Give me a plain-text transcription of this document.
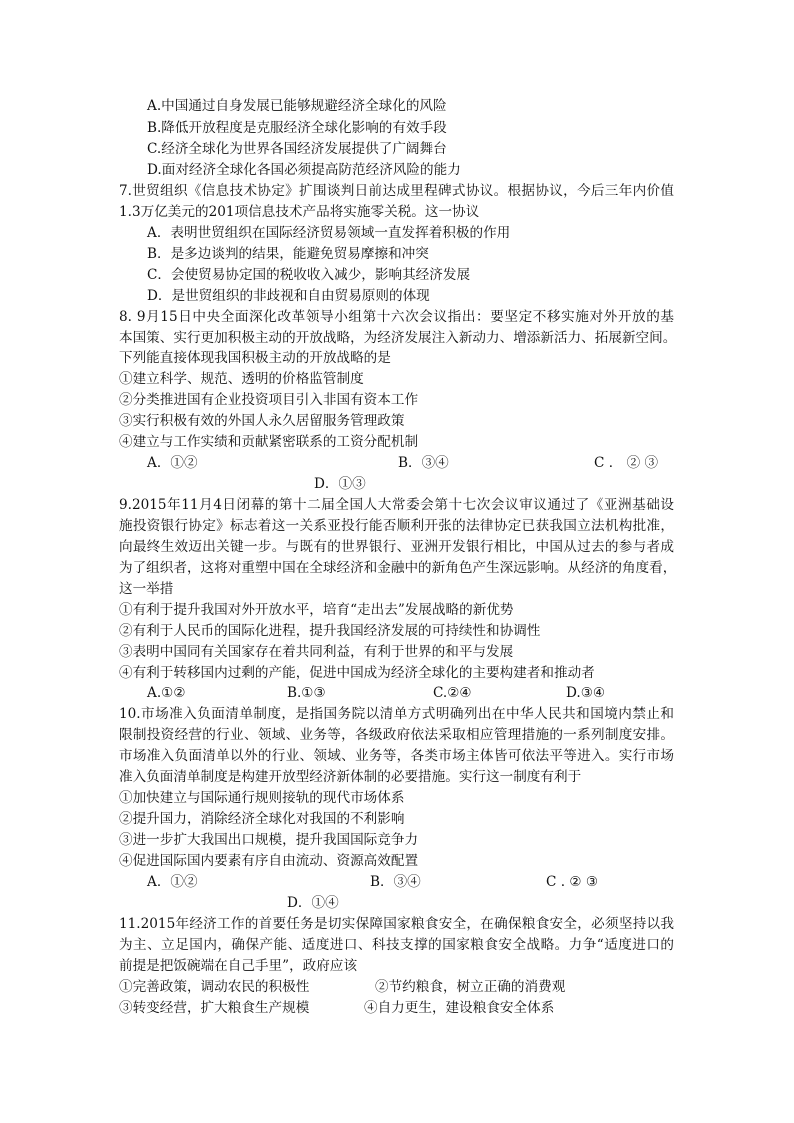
A.中国通过自身发展已能够规避经济全球化的风险
B.降低开放程度是克服经济全球化影响的有效手段
C.经济全球化为世界各国经济发展提供了广阔舞台
D.面对经济全球化各国必须提高防范经济风险的能力
7.世贸组织《信息技术协定》扩围谈判日前达成里程碑式协议。根据协议，今后三年内价值
1.3万亿美元的201项信息技术产品将实施零关税。这一协议
A．表明世贸组织在国际经济贸易领域一直发挥着积极的作用
B．是多边谈判的结果，能避免贸易摩擦和冲突
C．会使贸易协定国的税收收入减少，影响其经济发展
D．是世贸组织的非歧视和自由贸易原则的体现
8. 9月15日中央全面深化改革领导小组第十六次会议指出：要坚定不移实施对外开放的基
本国策、实行更加积极主动的开放战略，为经济发展注入新动力、增添新活力、拓展新空间。
下列能直接体现我国积极主动的开放战略的是
①建立科学、规范、透明的价格监管制度
②分类推进国有企业投资项目引入非国有资本工作
③实行积极有效的外国人永久居留服务管理政策
④建立与工作实绩和贡献紧密联系的工资分配机制
A．①②	B．③④	C ． ② ③
D．①③
9.2015年11月4日闭幕的第十二届全国人大常委会第十七次会议审议通过了《亚洲基础设
施投资银行协定》标志着这一关系亚投行能否顺利开张的法律协定已获我国立法机构批准，
向最终生效迈出关键一步。与既有的世界银行、亚洲开发银行相比，中国从过去的参与者成
为了组织者，这将对重塑中国在全球经济和金融中的新角色产生深远影响。从经济的角度看，
这一举措
①有利于提升我国对外开放水平，培育“走出去”发展战略的新优势
②有利于人民币的国际化进程，提升我国经济发展的可持续性和协调性
③表明中国同有关国家存在着共同利益，有利于世界的和平与发展
④有利于转移国内过剩的产能，促进中国成为经济全球化的主要构建者和推动者
A.①②	B.①③	C.②④	D.③④
10.市场准入负面清单制度，是指国务院以清单方式明确列出在中华人民共和国境内禁止和
限制投资经营的行业、领域、业务等，各级政府依法采取相应管理措施的一系列制度安排。
市场准入负面清单以外的行业、领域、业务等，各类市场主体皆可依法平等进入。实行市场
准入负面清单制度是构建开放型经济新体制的必要措施。实行这一制度有利于
①加快建立与国际通行规则接轨的现代市场体系
②提升国力，消除经济全球化对我国的不利影响
③进一步扩大我国出口规模，提升我国国际竞争力
④促进国际国内要素有序自由流动、资源高效配置
A．①②	B．③④	C . ② ③
D．①④
11.2015年经济工作的首要任务是切实保障国家粮食安全，在确保粮食安全，必须坚持以我
为主、立足国内，确保产能、适度进口、科技支撑的国家粮食安全战略。力争“适度进口的
前提是把饭碗端在自己手里”，政府应该
①完善政策，调动农民的积极性	②节约粮食，树立正确的消费观
③转变经营，扩大粮食生产规模	④自力更生，建设粮食安全体系
